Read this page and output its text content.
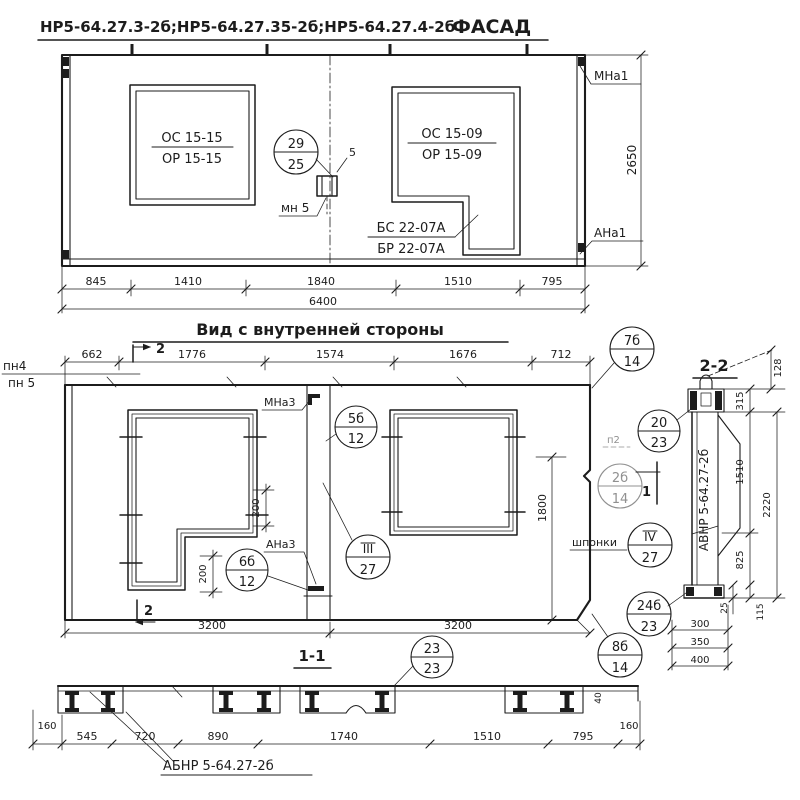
НР5-64.27.3-2б;НР5-64.27.35-2б;НР5-64.27.4-2б
ФАСАД
ОС 15-15
ОР 15-15
ОС 15-09
ОР 15-09
БС 22-07А
БР 22-07А
5
29
25
мн 5
МНа1
АНа1
2650
845	1410	1840	1510	795
6400
Вид с внутренней стороны
662	1776	1574	1676	712
2
2
пн4
пн 5
МНа3
АНа3
200
200
6б
12
5б
12
III
27
1800
3200	3200
7б
14
п2
2б
14 1
шпонки IV
27
24б
23
8б
14
1-1	23
23
40
160
545	720	890	1740	1510	795
160
АБНР 5-64.27-2б
2-2
АВНР 5-64.27-2б
20
23
128
315
1510
825
2220
25	115
300
350
400
